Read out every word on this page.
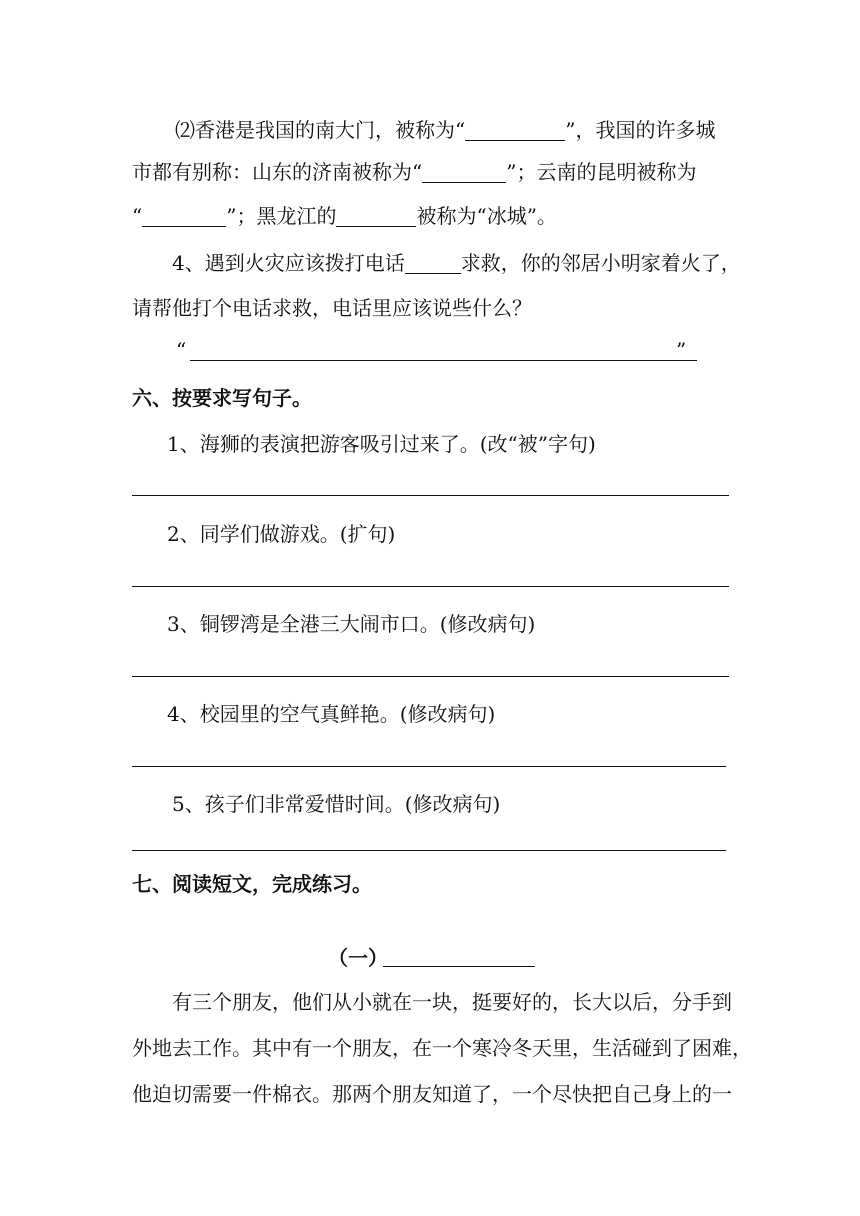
⑵香港是我国的南大门，被称为“	”，我国的许多城
市都有别称：山东的济南被称为“	”；云南的昆明被称为
“	”；黑龙江的	被称为“冰城”。
4、遇到火灾应该拨打电话	求救，你的邻居小明家着火了，
请帮他打个电话求救，电话里应该说些什么？
“	”
六、按要求写句子。
1、海狮的表演把游客吸引过来了。(改“被”字句)
2、同学们做游戏。(扩句)
3、铜锣湾是全港三大闹市口。(修改病句)
4、校园里的空气真鲜艳。(修改病句)
5、孩子们非常爱惜时间。(修改病句)
七、阅读短文，完成练习。
（一）
有三个朋友，他们从小就在一块，挺要好的，长大以后，分手到
外地去工作。其中有一个朋友，在一个寒冷冬天里，生活碰到了困难，
他迫切需要一件棉衣。那两个朋友知道了，一个尽快把自己身上的一
